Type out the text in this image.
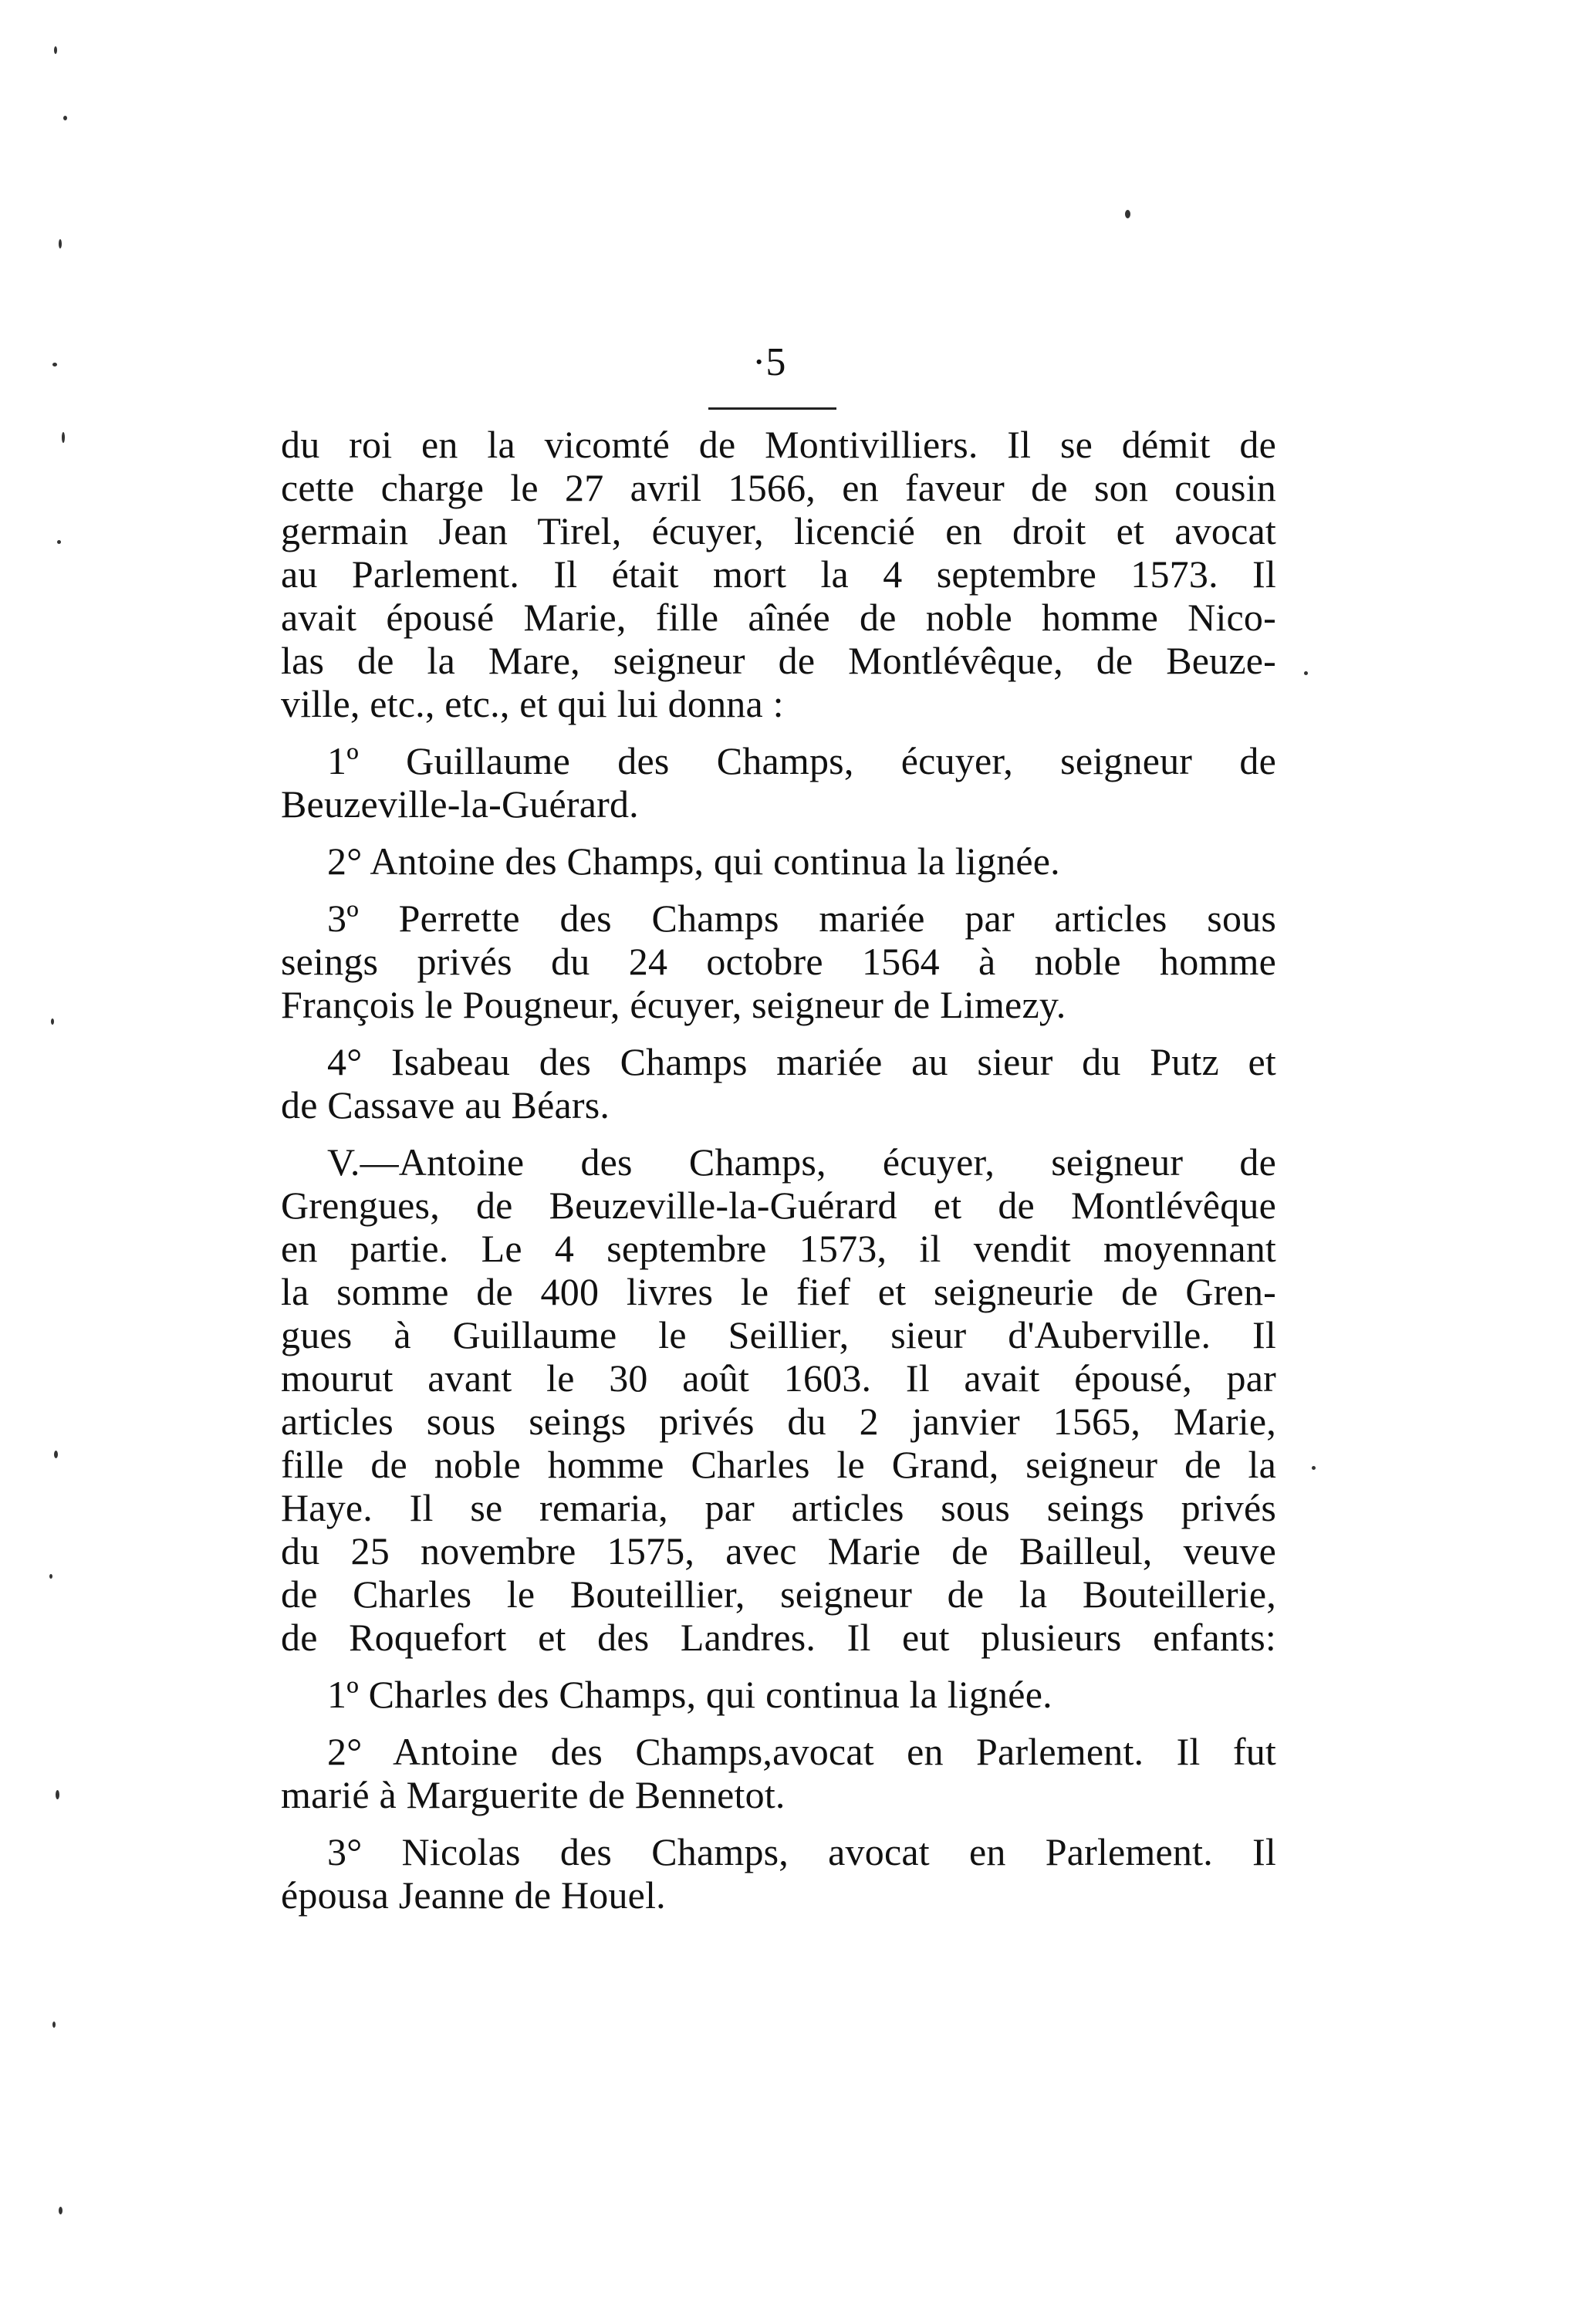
·5
du roi en la vicomté de Montivilliers. Il se démit de
cette charge le 27 avril 1566, en faveur de son cousin
germain Jean Tirel, écuyer, licencié en droit et avocat
au Parlement. Il était mort la 4 septembre 1573. Il
avait épousé Marie, fille aînée de noble homme Nico-
las de la Mare, seigneur de Montlévêque, de Beuze-
ville, etc., etc., et qui lui donna :
1º Guillaume des Champs, écuyer, seigneur de
Beuzeville-la-Guérard.
2° Antoine des Champs, qui continua la lignée.
3º Perrette des Champs mariée par articles sous
seings privés du 24 octobre 1564 à noble homme
François le Pougneur, écuyer, seigneur de Limezy.
4° Isabeau des Champs mariée au sieur du Putz et
de Cassave au Béars.
V.—Antoine des Champs, écuyer, seigneur de
Grengues, de Beuzeville-la-Guérard et de Montlévêque
en partie. Le 4 septembre 1573, il vendit moyennant
la somme de 400 livres le fief et seigneurie de Gren-
gues à Guillaume le Seillier, sieur d'Auberville. Il
mourut avant le 30 août 1603. Il avait épousé, par
articles sous seings privés du 2 janvier 1565, Marie,
fille de noble homme Charles le Grand, seigneur de la
Haye. Il se remaria, par articles sous seings privés
du 25 novembre 1575, avec Marie de Bailleul, veuve
de Charles le Bouteillier, seigneur de la Bouteillerie,
de Roquefort et des Landres. Il eut plusieurs enfants:
1º Charles des Champs, qui continua la lignée.
2° Antoine des Champs,avocat en Parlement. Il fut
marié à Marguerite de Bennetot.
3° Nicolas des Champs, avocat en Parlement. Il
épousa Jeanne de Houel.
